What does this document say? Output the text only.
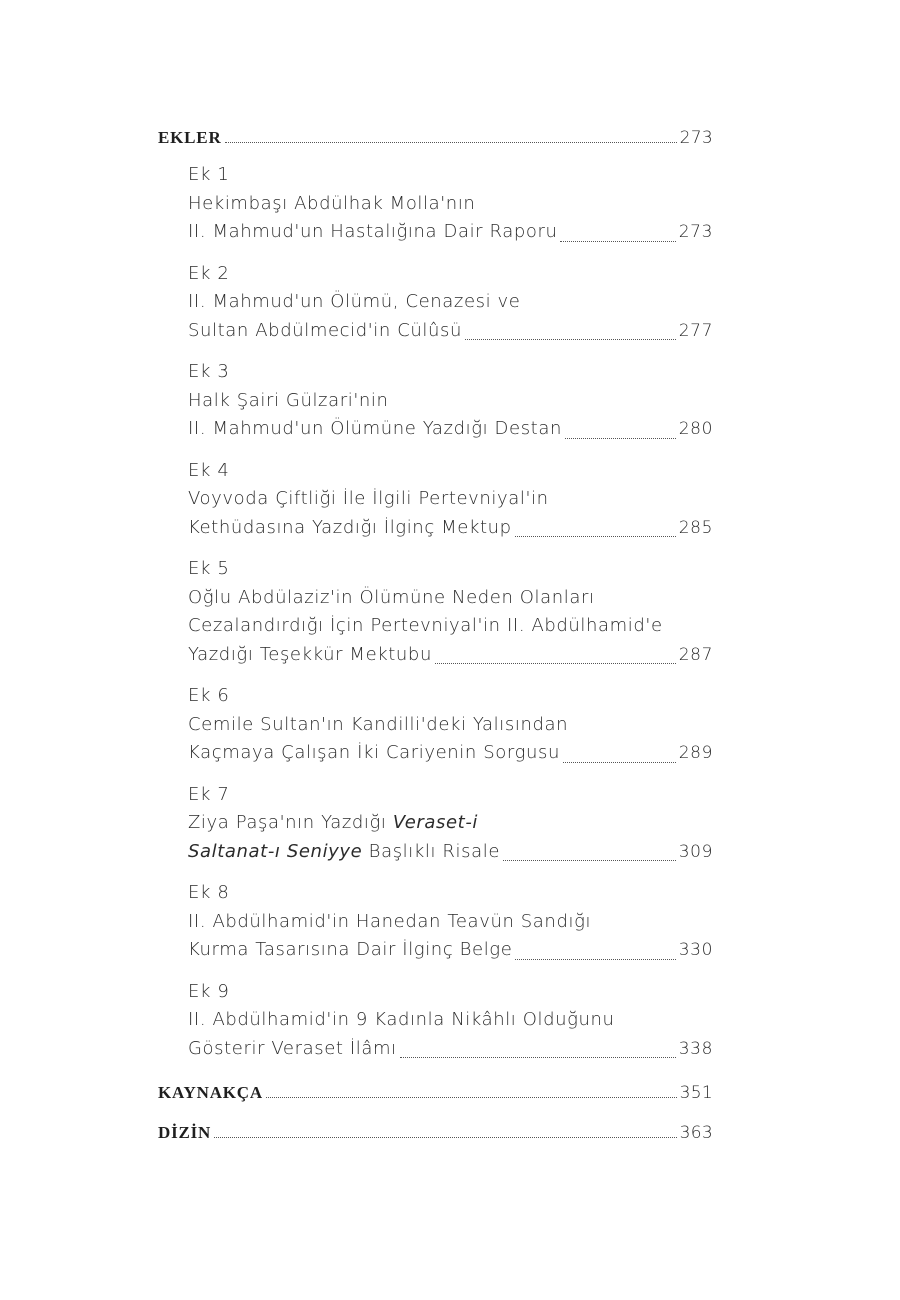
EKLER	273
Ek 1
Hekimbaşı Abdülhak Molla'nın
II. Mahmud'un Hastalığına Dair Raporu	273
Ek 2
II. Mahmud'un Ölümü, Cenazesi ve
Sultan Abdülmecid'in Cülûsü	277
Ek 3
Halk Şairi Gülzari'nin
II. Mahmud'un Ölümüne Yazdığı Destan	280
Ek 4
Voyvoda Çiftliği İle İlgili Pertevniyal'in
Kethüdasına Yazdığı İlginç Mektup	285
Ek 5
Oğlu Abdülaziz'in Ölümüne Neden Olanları
Cezalandırdığı İçin Pertevniyal'in II. Abdülhamid'e
Yazdığı Teşekkür Mektubu	287
Ek 6
Cemile Sultan'ın Kandilli'deki Yalısından
Kaçmaya Çalışan İki Cariyenin Sorgusu	289
Ek 7
Ziya Paşa'nın Yazdığı Veraset-i
Saltanat-ı Seniyye Başlıklı Risale	309
Ek 8
II. Abdülhamid'in Hanedan Teavün Sandığı
Kurma Tasarısına Dair İlginç Belge	330
Ek 9
II. Abdülhamid'in 9 Kadınla Nikâhlı Olduğunu
Gösterir Veraset İlâmı	338
KAYNAKÇA	351
DİZİN	363
